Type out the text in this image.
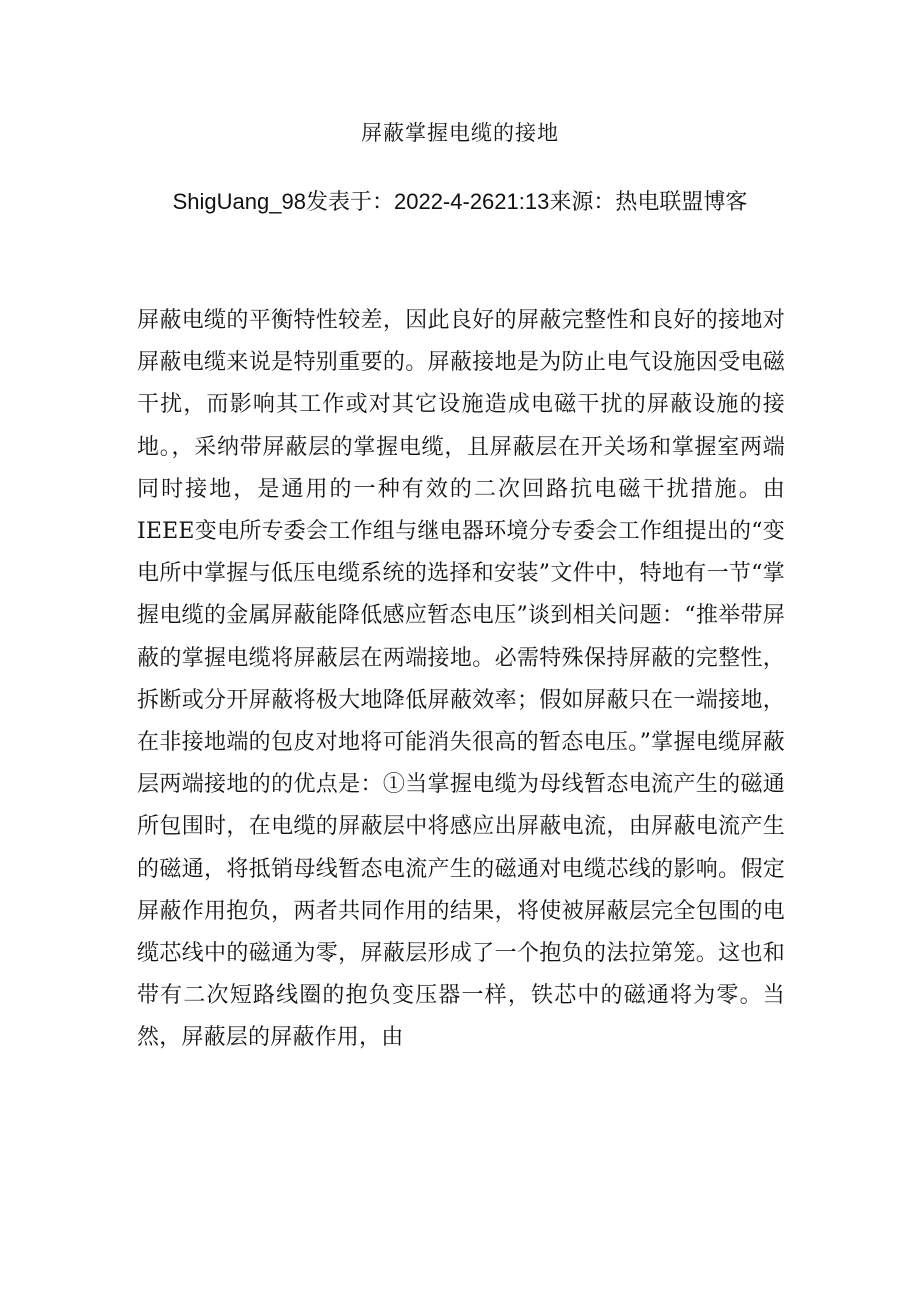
屏蔽掌握电缆的接地
ShigUang_98发表于：2022-4-2621:13来源：热电联盟博客
屏蔽电缆的平衡特性较差，因此良好的屏蔽完整性和良好的接地对屏蔽电缆来说是特别重要的。屏蔽接地是为防止电气设施因受电磁干扰，而影响其工作或对其它设施造成电磁干扰的屏蔽设施的接地。，采纳带屏蔽层的掌握电缆，且屏蔽层在开关场和掌握室两端同时接地，是通用的一种有效的二次回路抗电磁干扰措施。由IEEE变电所专委会工作组与继电器环境分专委会工作组提出的“变电所中掌握与低压电缆系统的选择和安装”文件中，特地有一节“掌握电缆的金属屏蔽能降低感应暂态电压”谈到相关问题：“推举带屏蔽的掌握电缆将屏蔽层在两端接地。必需特殊保持屏蔽的完整性，拆断或分开屏蔽将极大地降低屏蔽效率；假如屏蔽只在一端接地，在非接地端的包皮对地将可能消失很高的暂态电压。”掌握电缆屏蔽层两端接地的的优点是：①当掌握电缆为母线暂态电流产生的磁通所包围时，在电缆的屏蔽层中将感应出屏蔽电流，由屏蔽电流产生的磁通，将抵销母线暂态电流产生的磁通对电缆芯线的影响。假定屏蔽作用抱负，两者共同作用的结果，将使被屏蔽层完全包围的电缆芯线中的磁通为零，屏蔽层形成了一个抱负的法拉第笼。这也和带有二次短路线圈的抱负变压器一样，铁芯中的磁通将为零。当然，屏蔽层的屏蔽作用，由
